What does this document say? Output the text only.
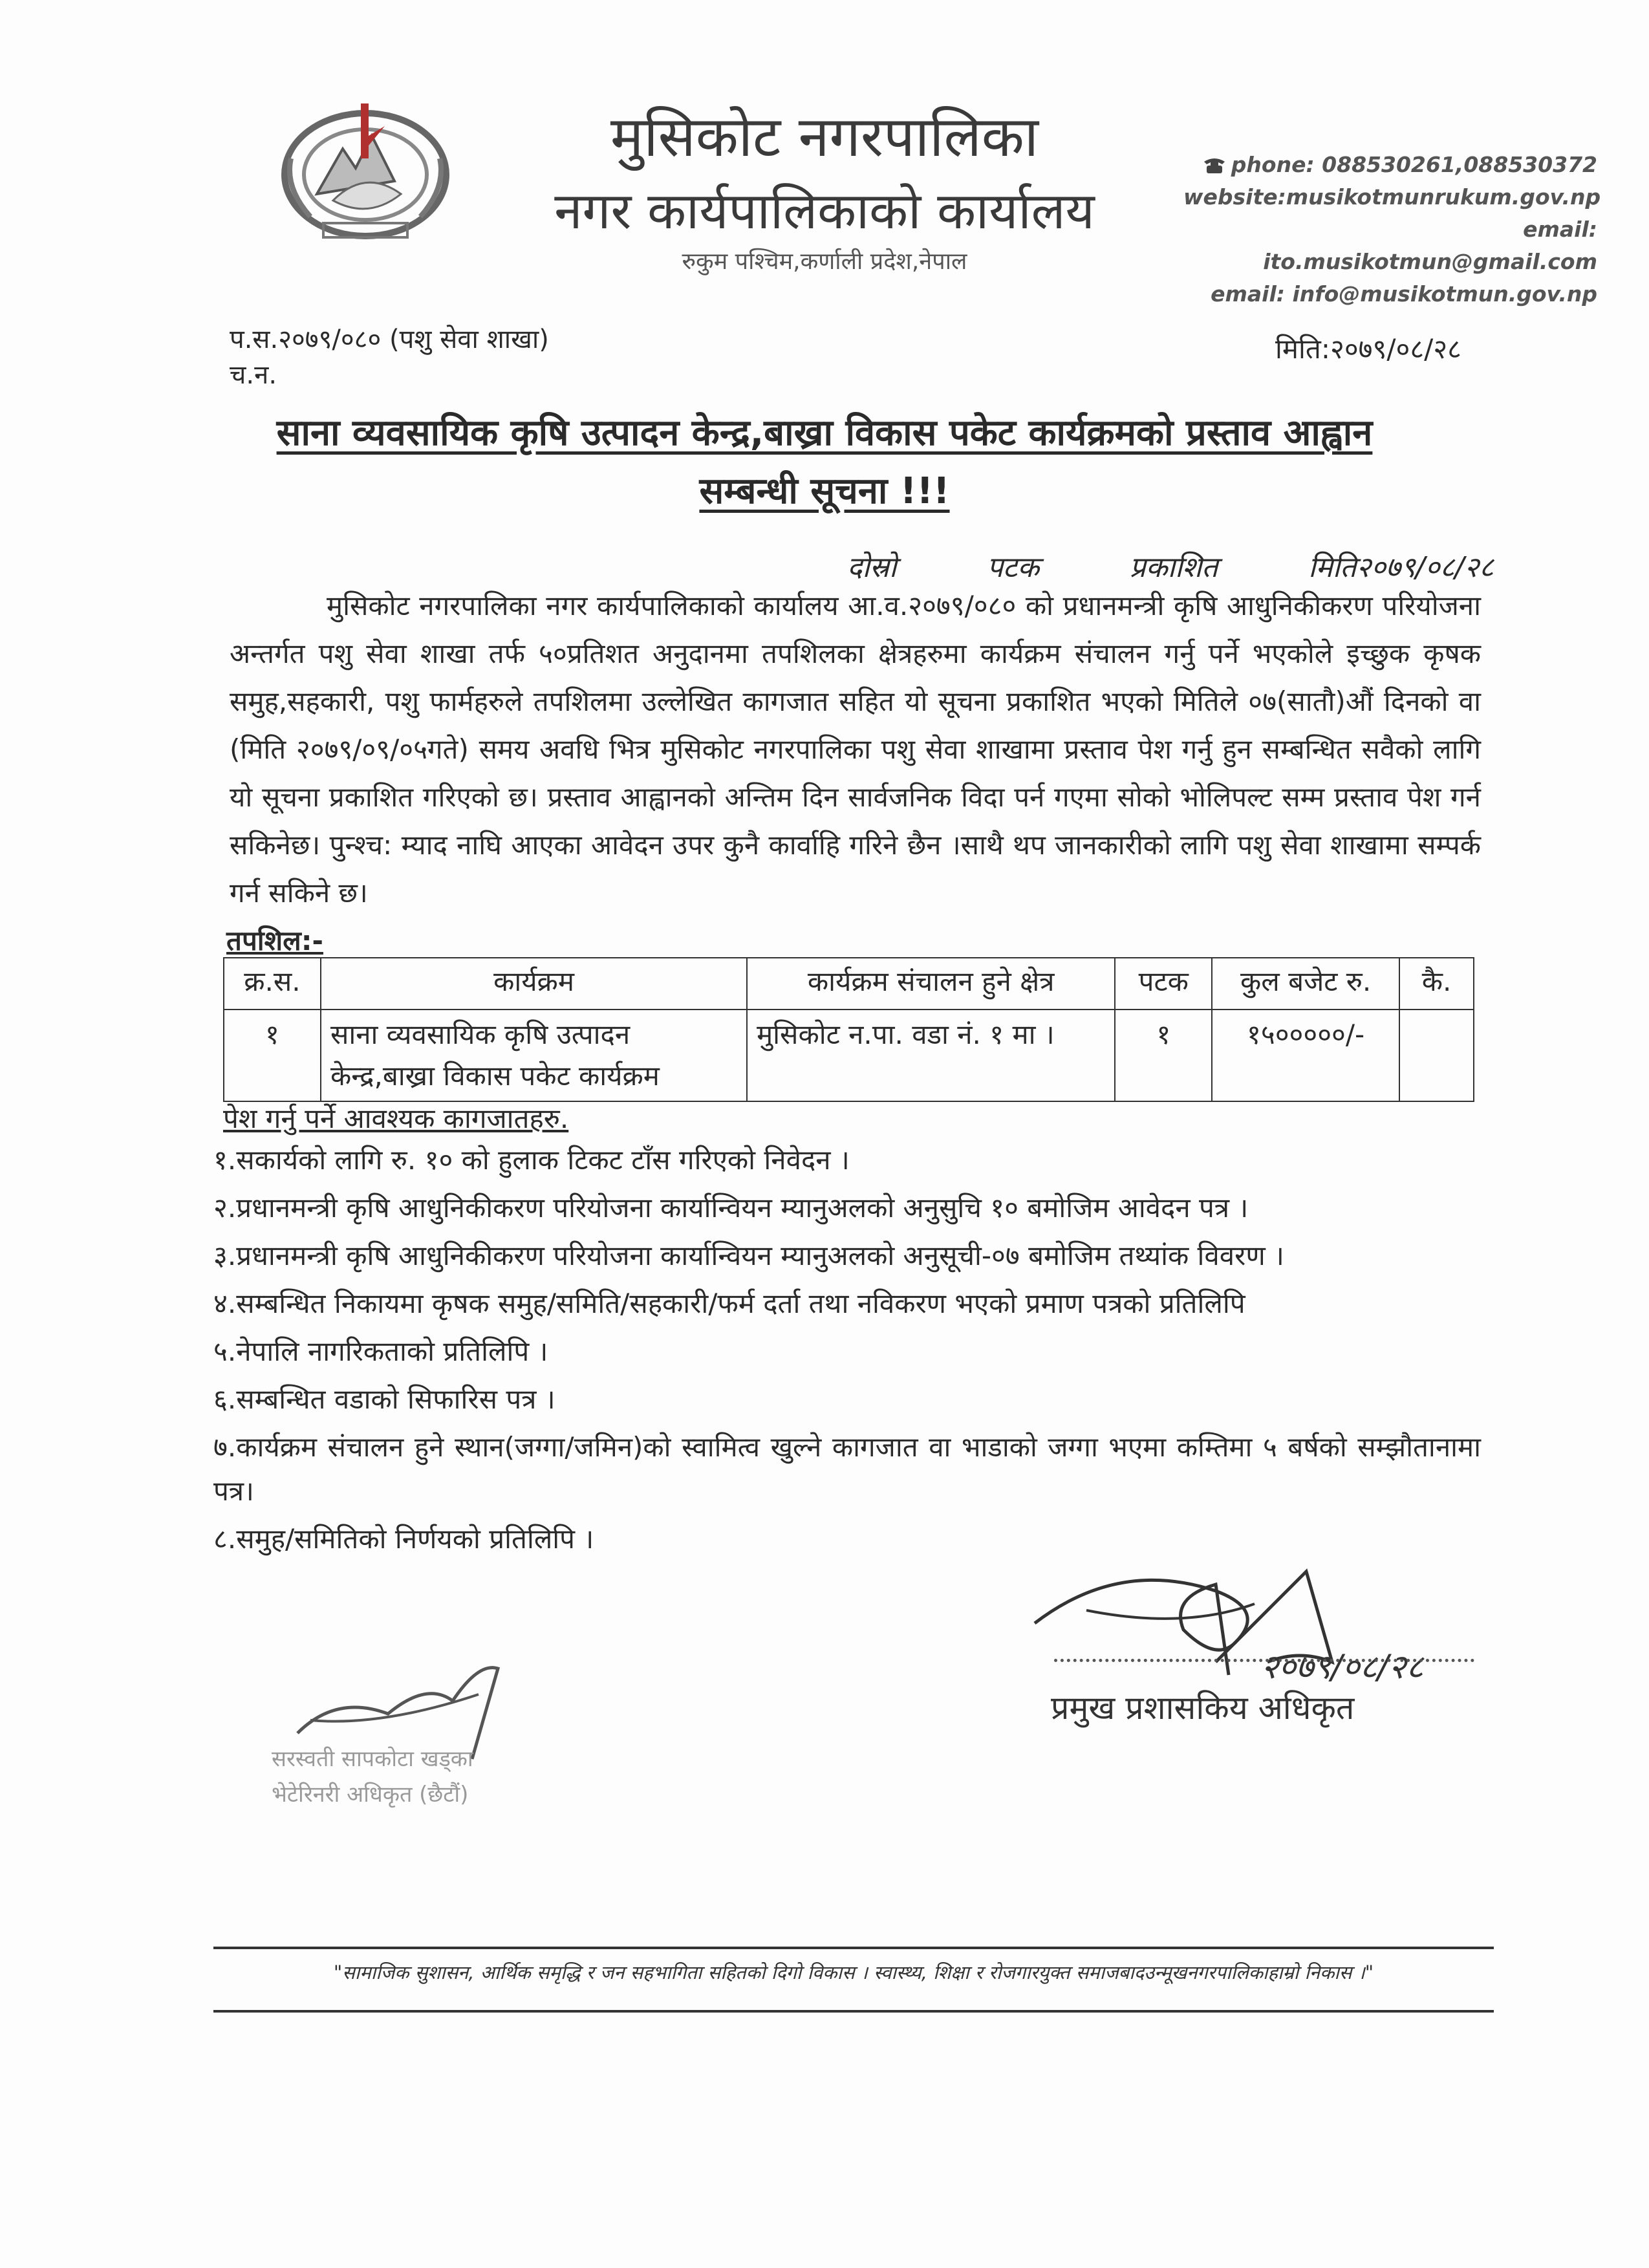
मुसिकोट नगरपालिका
नगर कार्यपालिकाको कार्यालय
रुकुम पश्चिम,कर्णाली प्रदेश,नेपाल
phone: 088530261,088530372
website:musikotmunrukum.gov.np
email: ito.musikotmun@gmail.com
email: info@musikotmun.gov.np
प.स.२०७९/०८० (पशु सेवा शाखा)
च.न.
मिति:२०७९/०८/२८
साना व्यवसायिक कृषि उत्पादन केन्द्र,बाख्रा विकास पकेट कार्यक्रमको प्रस्ताव आह्वान
सम्बन्धी सूचना !!!
दोस्रो	पटक	प्रकाशित	मिति२०७९/०८/२८
मुसिकोट नगरपालिका नगर कार्यपालिकाको कार्यालय आ.व.२०७९/०८० को प्रधानमन्त्री कृषि आधुनिकीकरण परियोजना अन्तर्गत पशु सेवा शाखा तर्फ ५०प्रतिशत अनुदानमा तपशिलका क्षेत्रहरुमा कार्यक्रम संचालन गर्नु पर्ने भएकोले इच्छुक कृषक समुह,सहकारी, पशु फार्महरुले तपशिलमा उल्लेखित कागजात सहित यो सूचना प्रकाशित भएको मितिले ०७(सातौ)औं दिनको वा (मिति २०७९/०९/०५गते) समय अवधि भित्र मुसिकोट नगरपालिका पशु सेवा शाखामा प्रस्ताव पेश गर्नु हुन सम्बन्धित सवैको लागि यो सूचना प्रकाशित गरिएको छ। प्रस्ताव आह्वानको अन्तिम दिन सार्वजनिक विदा पर्न गएमा सोको भोलिपल्ट सम्म प्रस्ताव पेश गर्न सकिनेछ। पुन्श्च: म्याद नाघि आएका आवेदन उपर कुनै कार्वाहि गरिने छैन ।साथै थप जानकारीको लागि पशु सेवा शाखामा सम्पर्क गर्न सकिने छ।
तपशिल:-
क्र.स.	कार्यक्रम	कार्यक्रम संचालन हुने क्षेत्र	पटक	कुल बजेट रु.	कै.
१	साना व्यवसायिक कृषि उत्पादन केन्द्र,बाख्रा विकास पकेट कार्यक्रम	मुसिकोट न.पा. वडा नं. १ मा ।	१	१५०००००/-	
पेश गर्नु पर्ने आवश्यक कागजातहरु.
१.सकार्यको लागि रु. १० को हुलाक टिकट टाँस गरिएको निवेदन ।
२.प्रधानमन्त्री कृषि आधुनिकीकरण परियोजना कार्यान्वियन म्यानुअलको अनुसुचि १० बमोजिम आवेदन पत्र ।
३.प्रधानमन्त्री कृषि आधुनिकीकरण परियोजना कार्यान्वियन म्यानुअलको अनुसूची-०७ बमोजिम तथ्यांक विवरण ।
४.सम्बन्धित निकायमा कृषक समुह/समिति/सहकारी/फर्म दर्ता तथा नविकरण भएको प्रमाण पत्रको प्रतिलिपि
५.नेपालि नागरिकताको प्रतिलिपि ।
६.सम्बन्धित वडाको सिफारिस पत्र ।
७.कार्यक्रम संचालन हुने स्थान(जग्गा/जमिन)को स्वामित्व खुल्ने कागजात वा भाडाको जग्गा भएमा कम्तिमा ५ बर्षको सम्झौतानामा पत्र।
८.समुह/समितिको निर्णयको प्रतिलिपि ।
२०७९/०८/२८
प्रमुख प्रशासकिय अधिकृत
सरस्वती सापकोटा खड्का
भेटेरिनरी अधिकृत (छैटौं)
"सामाजिक सुशासन, आर्थिक समृद्धि र जन सहभागिता सहितको दिगो विकास । स्वास्थ्य, शिक्षा र रोजगारयुक्त समाजबादउन्मूखनगरपालिकाहाम्रो निकास ।"
